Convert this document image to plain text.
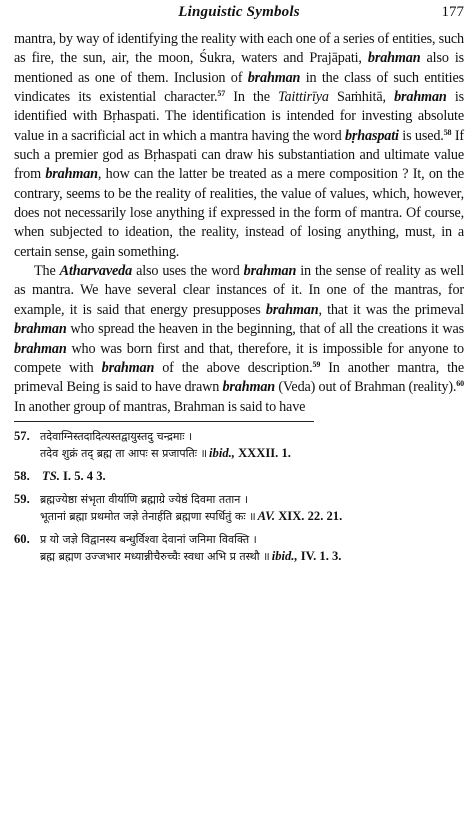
Linguistic Symbols	177

mantra, by way of identifying the reality with each one of a series of entities, such as fire, the sun, air, the moon, Śukra, waters and Prajāpati, brahman also is mentioned as one of them. Inclusion of brahman in the class of such entities vindicates its existential character.$^{57}$ In the Taittirīya Saṁhitā, brahman is identified with Bṛhaspati. The identification is intended for investing absolute value in a sacrificial act in which a mantra having the word bṛhaspati is used.$^{58}$ If such a premier god as Bṛhaspati can draw his substantiation and ultimate value from brahman, how can the latter be treated as a mere composition ? It, on the contrary, seems to be the reality of realities, the value of values, which, however, does not necessarily lose anything if expressed in the form of mantra. Of course, when subjected to ideation, the reality, instead of losing anything, must, in a certain sense, gain something.

The Atharvaveda also uses the word brahman in the sense of reality as well as mantra. We have several clear instances of it. In one of the mantras, for example, it is said that energy presupposes brahman, that it was the primeval brahman who spread the heaven in the beginning, that of all the creations it was brahman who was born first and that, therefore, it is impossible for anyone to compete with brahman of the above description.$^{59}$ In another mantra, the primeval Being is said to have drawn brahman (Veda) out of Brahman (reality).$^{60}$ In another group of mantras, Brahman is said to have

57. तदेवाग्निस्तदादित्यस्तद्वायुस्तदु चन्द्रमाः ।
तदेव शुक्रं तद् ब्रह्म ता आपः स प्रजापतिः ॥ ibid., XXXII. 1.
58. TS. I. 5. 4 3.
59. ब्रह्मज्येष्ठा संभृता वीर्याणि ब्रह्माग्रे ज्येष्ठं दिवमा ततान ।
भूतानां ब्रह्मा प्रथमोत जज्ञे तेनार्हति ब्रह्मणा स्पर्धितुं कः ॥ AV. XIX. 22. 21.
60. प्र यो जज्ञे विद्वानस्य बन्धुर्विश्वा देवानां जनिमा विवक्ति ।
ब्रह्म ब्रह्मण उज्जभार मध्यान्नीचैरुच्चैः स्वधा अभि प्र तस्थौ ॥ ibid., IV. 1. 3.
